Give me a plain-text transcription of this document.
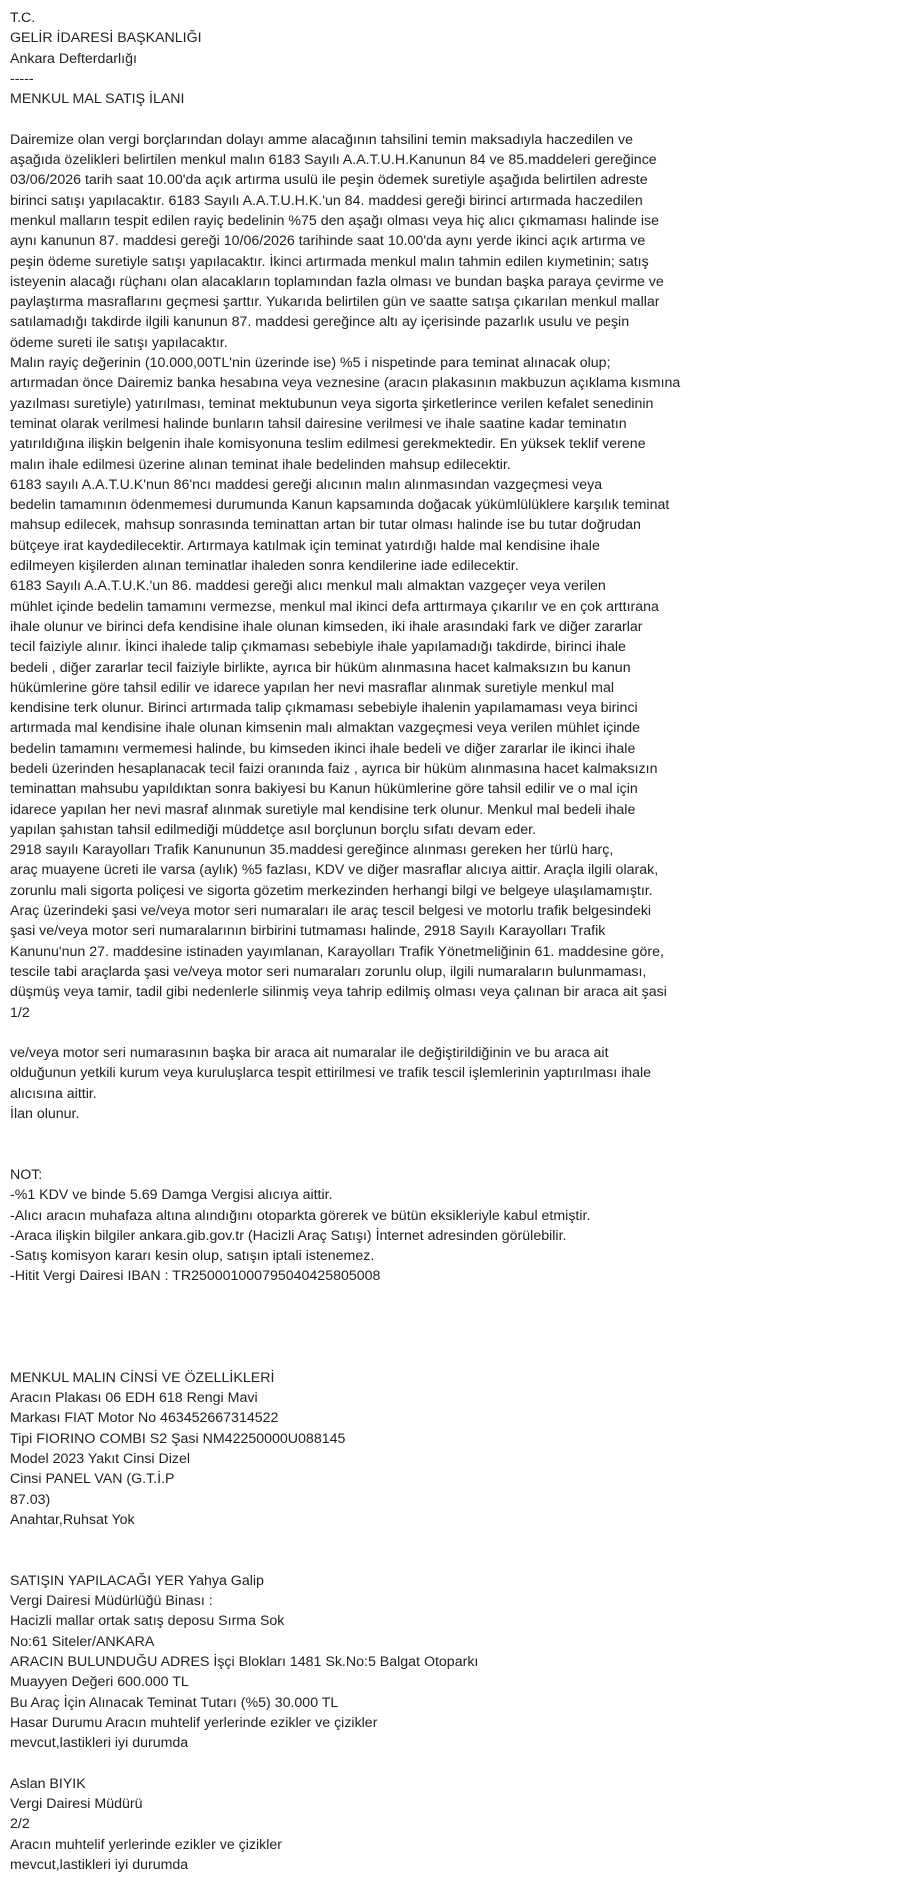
T.C.
GELİR İDARESİ BAŞKANLIĞI
Ankara Defterdarlığı
-----
MENKUL MAL SATIŞ İLANI
Dairemize olan vergi borçlarından dolayı amme alacağının tahsilini temin maksadıyla haczedilen ve
aşağıda özelikleri belirtilen menkul malın 6183 Sayılı A.A.T.U.H.Kanunun 84 ve 85.maddeleri gereğince
03/06/2026 tarih saat 10.00'da açık artırma usulü ile peşin ödemek suretiyle aşağıda belirtilen adreste
birinci satışı yapılacaktır. 6183 Sayılı A.A.T.U.H.K.'un 84. maddesi gereği birinci artırmada haczedilen
menkul malların tespit edilen rayiç bedelinin %75 den aşağı olması veya hiç alıcı çıkmaması halinde ise
aynı kanunun 87. maddesi gereği 10/06/2026 tarihinde saat 10.00'da aynı yerde ikinci açık artırma ve
peşin ödeme suretiyle satışı yapılacaktır. İkinci artırmada menkul malın tahmin edilen kıymetinin; satış
isteyenin alacağı rüçhanı olan alacakların toplamından fazla olması ve bundan başka paraya çevirme ve
paylaştırma masraflarını geçmesi şarttır. Yukarıda belirtilen gün ve saatte satışa çıkarılan menkul mallar
satılamadığı takdirde ilgili kanunun 87. maddesi gereğince altı ay içerisinde pazarlık usulu ve peşin
ödeme sureti ile satışı yapılacaktır.
Malın rayiç değerinin (10.000,00TL'nin üzerinde ise) %5 i nispetinde para teminat alınacak olup;
artırmadan önce Dairemiz banka hesabına veya veznesine (aracın plakasının makbuzun açıklama kısmına
yazılması suretiyle) yatırılması, teminat mektubunun veya sigorta şirketlerince verilen kefalet senedinin
teminat olarak verilmesi halinde bunların tahsil dairesine verilmesi ve ihale saatine kadar teminatın
yatırıldığına ilişkin belgenin ihale komisyonuna teslim edilmesi gerekmektedir. En yüksek teklif verene
malın ihale edilmesi üzerine alınan teminat ihale bedelinden mahsup edilecektir.
6183 sayılı A.A.T.U.K'nun 86'ncı maddesi gereği alıcının malın alınmasından vazgeçmesi veya
bedelin tamamının ödenmemesi durumunda Kanun kapsamında doğacak yükümlülüklere karşılık teminat
mahsup edilecek, mahsup sonrasında teminattan artan bir tutar olması halinde ise bu tutar doğrudan
bütçeye irat kaydedilecektir. Artırmaya katılmak için teminat yatırdığı halde mal kendisine ihale
edilmeyen kişilerden alınan teminatlar ihaleden sonra kendilerine iade edilecektir.
6183 Sayılı A.A.T.U.K.'un 86. maddesi gereği alıcı menkul malı almaktan vazgeçer veya verilen
mühlet içinde bedelin tamamını vermezse, menkul mal ikinci defa arttırmaya çıkarılır ve en çok arttırana
ihale olunur ve birinci defa kendisine ihale olunan kimseden, iki ihale arasındaki fark ve diğer zararlar
tecil faiziyle alınır. İkinci ihalede talip çıkmaması sebebiyle ihale yapılamadığı takdirde, birinci ihale
bedeli , diğer zararlar tecil faiziyle birlikte, ayrıca bir hüküm alınmasına hacet kalmaksızın bu kanun
hükümlerine göre tahsil edilir ve idarece yapılan her nevi masraflar alınmak suretiyle menkul mal
kendisine terk olunur. Birinci artırmada talip çıkmaması sebebiyle ihalenin yapılamaması veya birinci
artırmada mal kendisine ihale olunan kimsenin malı almaktan vazgeçmesi veya verilen mühlet içinde
bedelin tamamını vermemesi halinde, bu kimseden ikinci ihale bedeli ve diğer zararlar ile ikinci ihale
bedeli üzerinden hesaplanacak tecil faizi oranında faiz , ayrıca bir hüküm alınmasına hacet kalmaksızın
teminattan mahsubu yapıldıktan sonra bakiyesi bu Kanun hükümlerine göre tahsil edilir ve o mal için
idarece yapılan her nevi masraf alınmak suretiyle mal kendisine terk olunur. Menkul mal bedeli ihale
yapılan şahıstan tahsil edilmediği müddetçe asıl borçlunun borçlu sıfatı devam eder.
2918 sayılı Karayolları Trafik Kanununun 35.maddesi gereğince alınması gereken her türlü harç,
araç muayene ücreti ile varsa (aylık) %5 fazlası, KDV ve diğer masraflar alıcıya aittir. Araçla ilgili olarak,
zorunlu mali sigorta poliçesi ve sigorta gözetim merkezinden herhangi bilgi ve belgeye ulaşılamamıştır.
Araç üzerindeki şasi ve/veya motor seri numaraları ile araç tescil belgesi ve motorlu trafik belgesindeki
şasi ve/veya motor seri numaralarının birbirini tutmaması halinde, 2918 Sayılı Karayolları Trafik
Kanunu'nun 27. maddesine istinaden yayımlanan, Karayolları Trafik Yönetmeliğinin 61. maddesine göre,
tescile tabi araçlarda şasi ve/veya motor seri numaraları zorunlu olup, ilgili numaraların bulunmaması,
düşmüş veya tamir, tadil gibi nedenlerle silinmiş veya tahrip edilmiş olması veya çalınan bir araca ait şasi
1/2
ve/veya motor seri numarasının başka bir araca ait numaralar ile değiştirildiğinin ve bu araca ait
olduğunun yetkili kurum veya kuruluşlarca tespit ettirilmesi ve trafik tescil işlemlerinin yaptırılması ihale
alıcısına aittir.
İlan olunur.
NOT:
-%1 KDV ve binde 5.69 Damga Vergisi alıcıya aittir.
-Alıcı aracın muhafaza altına alındığını otoparkta görerek ve bütün eksikleriyle kabul etmiştir.
-Araca ilişkin bilgiler ankara.gib.gov.tr (Hacizli Araç Satışı) İnternet adresinden görülebilir.
-Satış komisyon kararı kesin olup, satışın iptali istenemez.
-Hitit Vergi Dairesi IBAN : TR250001000795040425805008
MENKUL MALIN CİNSİ VE ÖZELLİKLERİ
Aracın Plakası 06 EDH 618 Rengi Mavi
Markası FIAT Motor No 463452667314522
Tipi FIORINO COMBI S2 Şasi NM42250000U088145
Model 2023 Yakıt Cinsi Dizel
Cinsi PANEL VAN (G.T.İ.P
87.03)
Anahtar,Ruhsat Yok
SATIŞIN YAPILACAĞI YER Yahya Galip
Vergi Dairesi Müdürlüğü Binası :
Hacizli mallar ortak satış deposu Sırma Sok
No:61 Siteler/ANKARA
ARACIN BULUNDUĞU ADRES İşçi Blokları 1481 Sk.No:5 Balgat Otoparkı
Muayyen Değeri 600.000 TL
Bu Araç İçin Alınacak Teminat Tutarı (%5) 30.000 TL
Hasar Durumu Aracın muhtelif yerlerinde ezikler ve çizikler
mevcut,lastikleri iyi durumda
Aslan BIYIK
Vergi Dairesi Müdürü
2/2
Aracın muhtelif yerlerinde ezikler ve çizikler
mevcut,lastikleri iyi durumda
